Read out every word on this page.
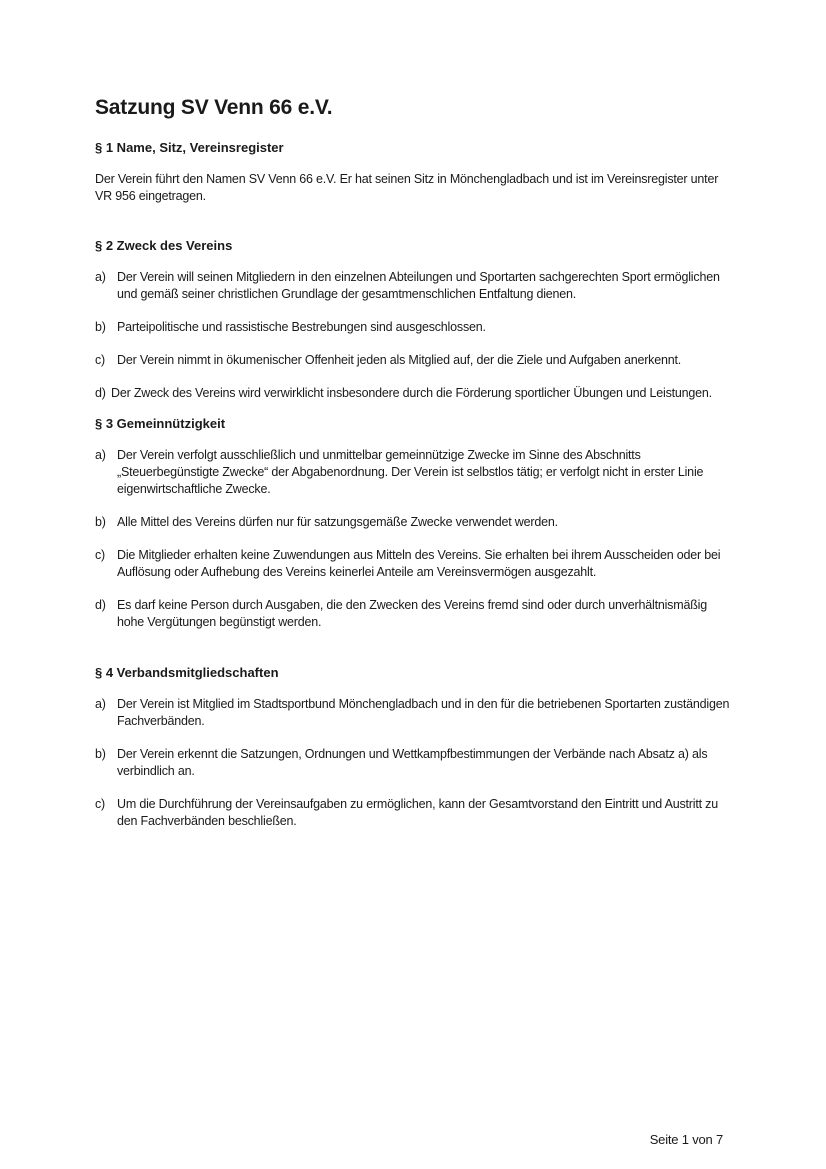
Satzung SV Venn 66 e.V.
§ 1 Name, Sitz, Vereinsregister

Der Verein führt den Namen SV Venn 66 e.V. Er hat seinen Sitz in Mönchengladbach und ist im Vereinsregister unter VR 956 eingetragen.

§ 2 Zweck des Vereins
a) Der Verein will seinen Mitgliedern in den einzelnen Abteilungen und Sportarten sachgerechten Sport ermöglichen und gemäß seiner christlichen Grundlage der gesamtmenschlichen Entfaltung dienen.
b) Parteipolitische und rassistische Bestrebungen sind ausgeschlossen.
c) Der Verein nimmt in ökumenischer Offenheit jeden als Mitglied auf, der die Ziele und Aufgaben anerkennt.
d) Der Zweck des Vereins wird verwirklicht insbesondere durch die Förderung sportlicher Übungen und Leistungen.
§ 3 Gemeinnützigkeit
a) Der Verein verfolgt ausschließlich und unmittelbar gemeinnützige Zwecke im Sinne des Abschnitts „Steuerbegünstigte Zwecke“ der Abgabenordnung. Der Verein ist selbstlos tätig; er verfolgt nicht in erster Linie eigenwirtschaftliche Zwecke.
b) Alle Mittel des Vereins dürfen nur für satzungsgemäße Zwecke verwendet werden.
c) Die Mitglieder erhalten keine Zuwendungen aus Mitteln des Vereins. Sie erhalten bei ihrem Ausscheiden oder bei Auflösung oder Aufhebung des Vereins keinerlei Anteile am Vereinsvermögen ausgezahlt.
d) Es darf keine Person durch Ausgaben, die den Zwecken des Vereins fremd sind oder durch unverhältnismäßig hohe Vergütungen begünstigt werden.
§ 4 Verbandsmitgliedschaften
a) Der Verein ist Mitglied im Stadtsportbund Mönchengladbach und in den für die betriebenen Sportarten zuständigen Fachverbänden.
b) Der Verein erkennt die Satzungen, Ordnungen und Wettkampfbestimmungen der Verbände nach Absatz a) als verbindlich an.
c) Um die Durchführung der Vereinsaufgaben zu ermöglichen, kann der Gesamtvorstand den Eintritt und Austritt zu den Fachverbänden beschließen.
Seite 1 von 7
